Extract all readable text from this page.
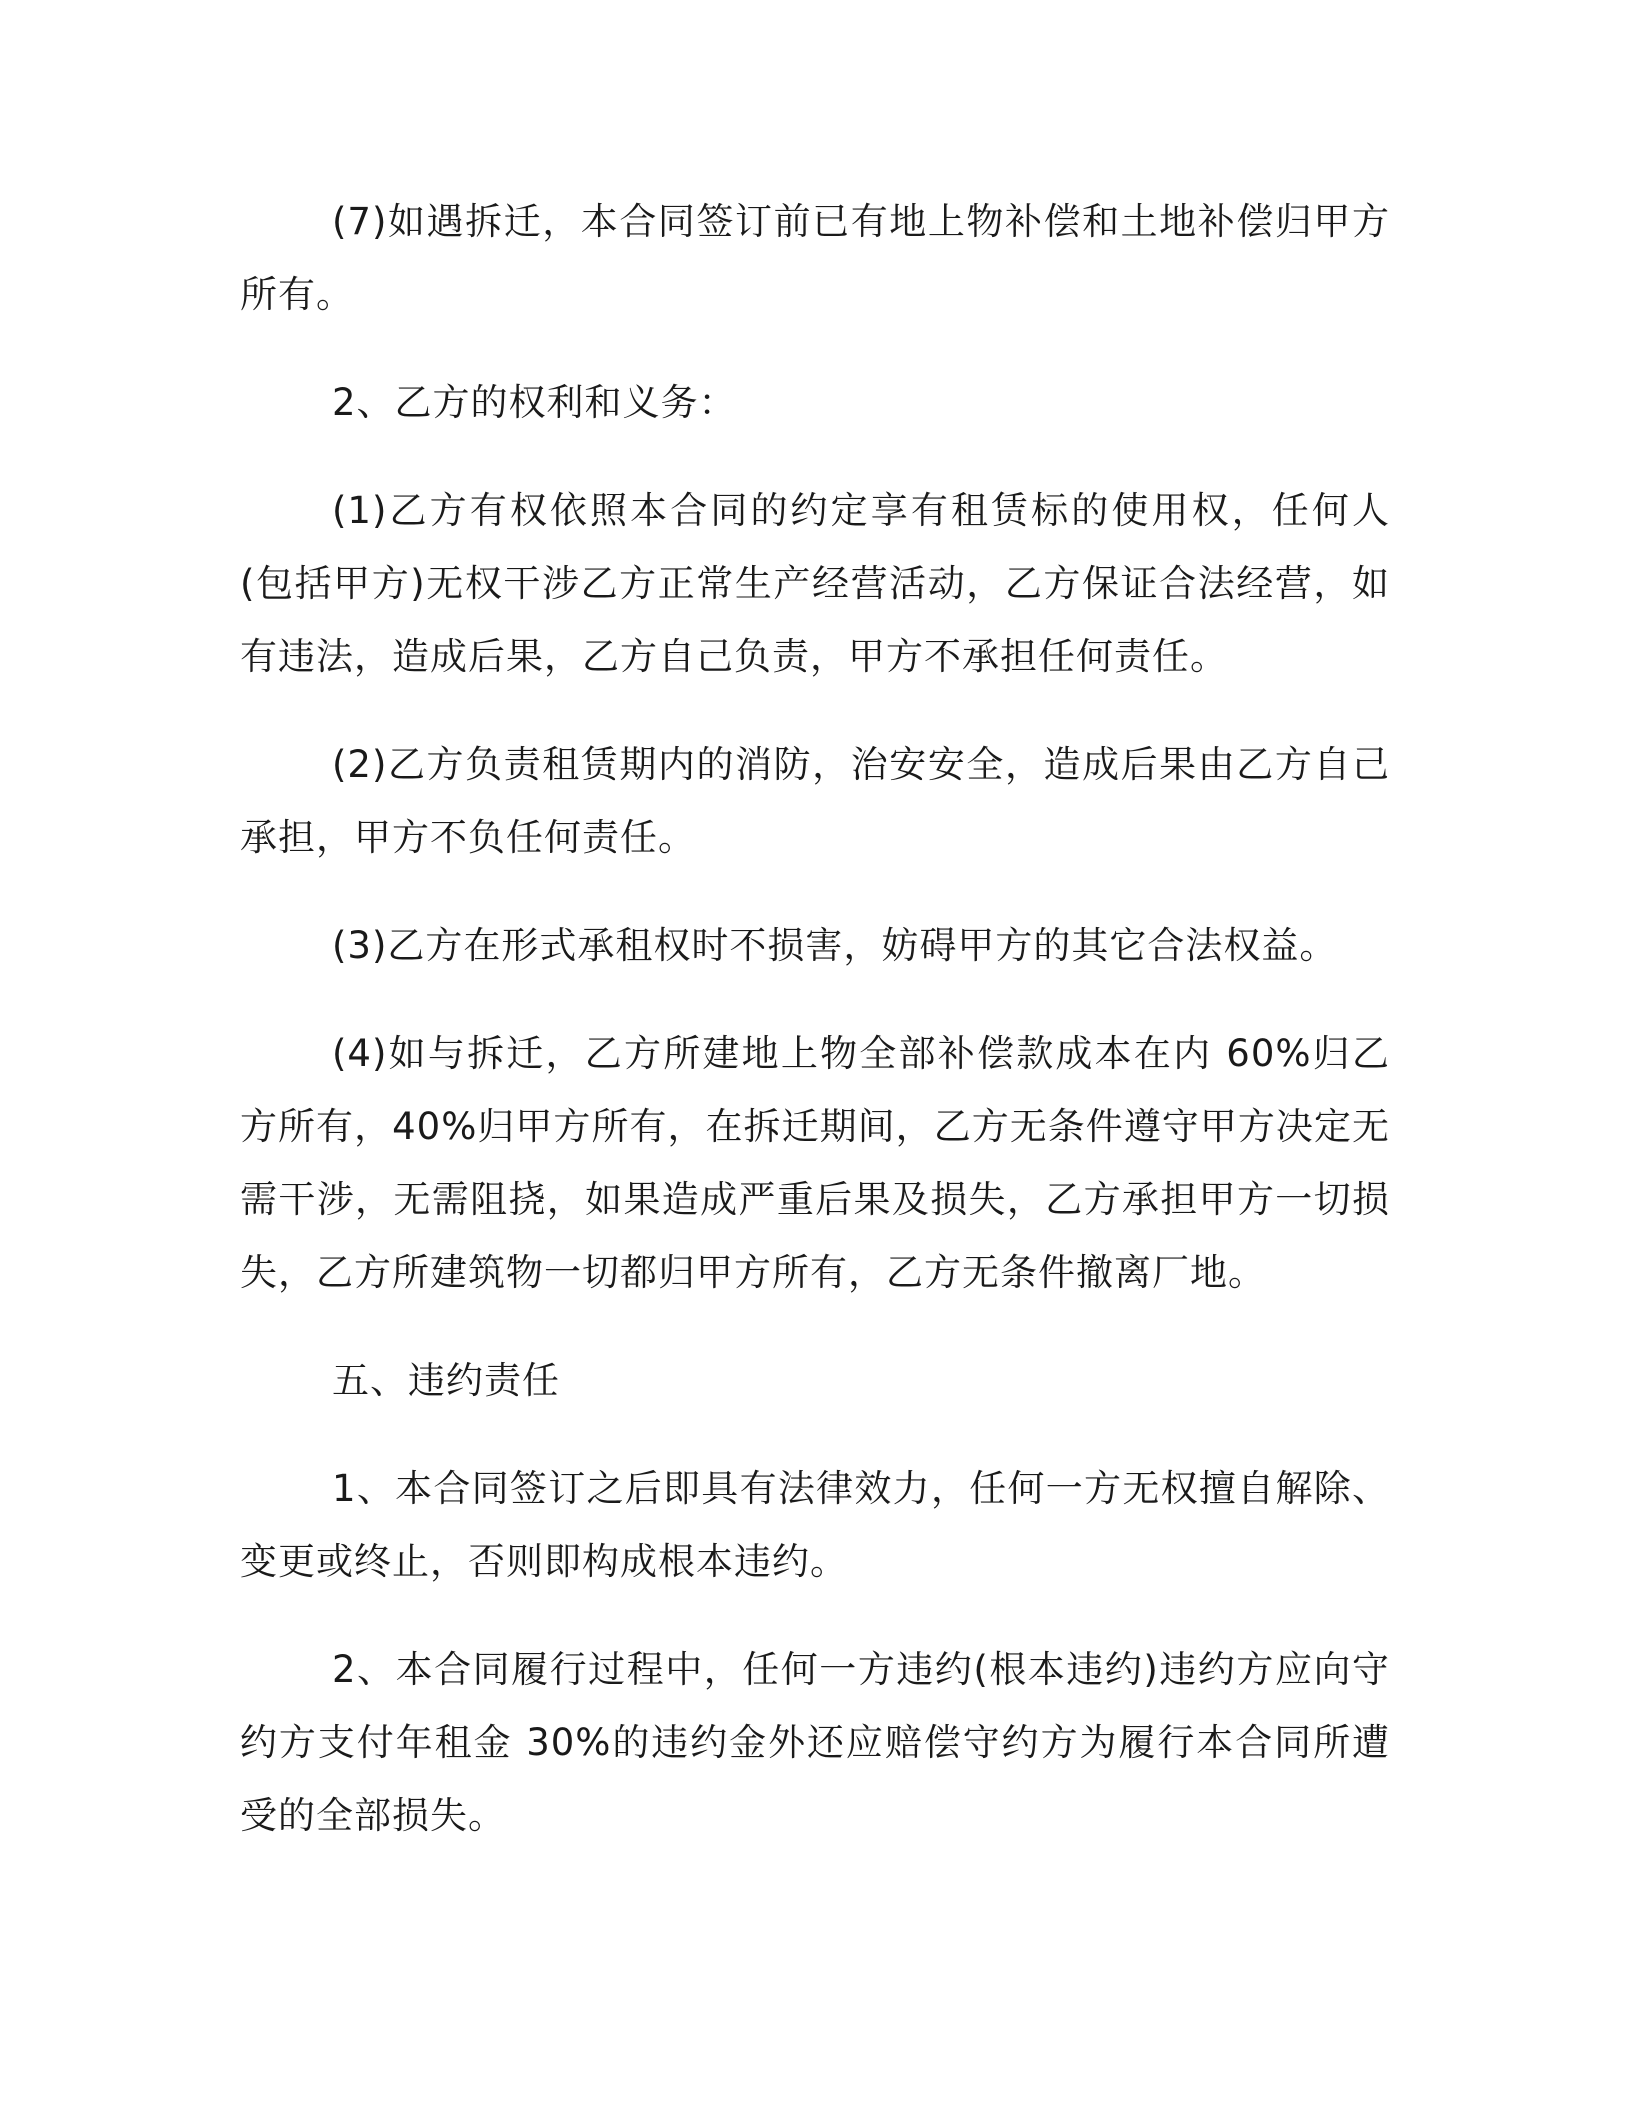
(7)如遇拆迁，本合同签订前已有地上物补偿和土地补偿归甲方所有。

2、乙方的权利和义务：

(1)乙方有权依照本合同的约定享有租赁标的使用权，任何人(包括甲方)无权干涉乙方正常生产经营活动，乙方保证合法经营，如有违法，造成后果，乙方自己负责，甲方不承担任何责任。

(2)乙方负责租赁期内的消防，治安安全，造成后果由乙方自己承担，甲方不负任何责任。

(3)乙方在形式承租权时不损害，妨碍甲方的其它合法权益。

(4)如与拆迁，乙方所建地上物全部补偿款成本在内 60%归乙方所有，40%归甲方所有，在拆迁期间，乙方无条件遵守甲方决定无需干涉，无需阻挠，如果造成严重后果及损失，乙方承担甲方一切损失，乙方所建筑物一切都归甲方所有，乙方无条件撤离厂地。

五、违约责任

1、本合同签订之后即具有法律效力，任何一方无权擅自解除、变更或终止，否则即构成根本违约。

2、本合同履行过程中，任何一方违约(根本违约)违约方应向守约方支付年租金 30%的违约金外还应赔偿守约方为履行本合同所遭受的全部损失。
